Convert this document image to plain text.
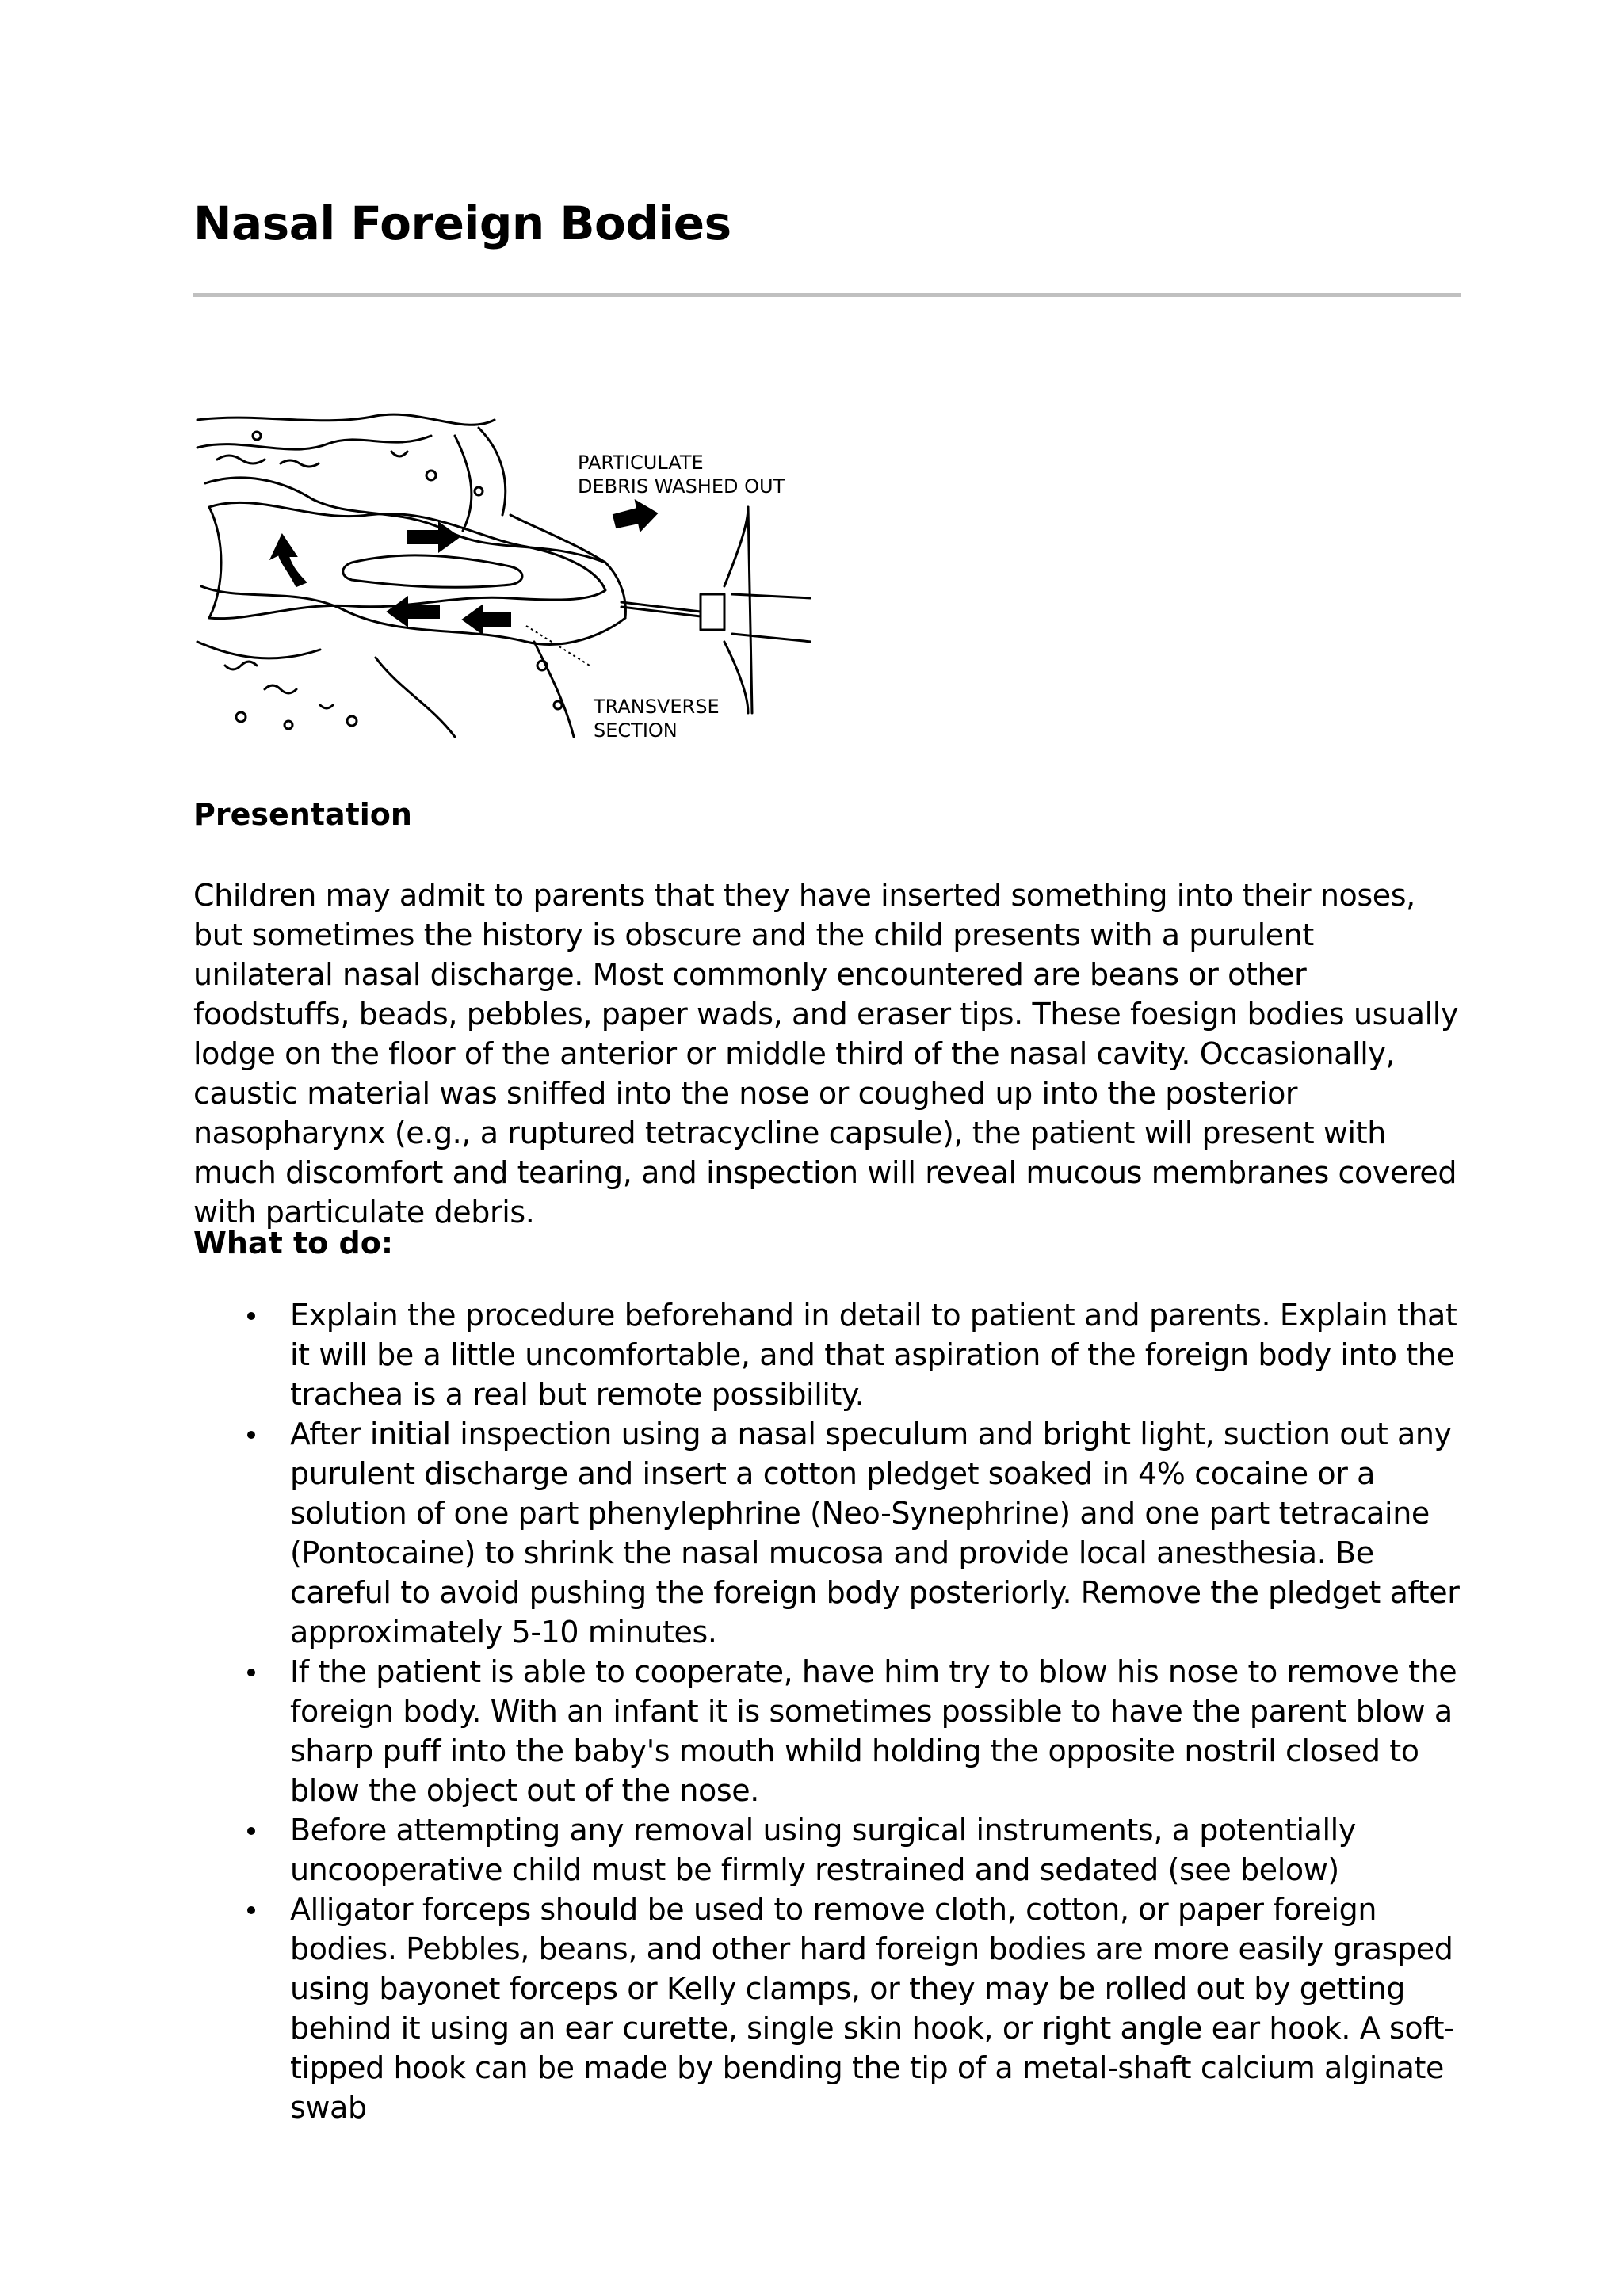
Nasal Foreign Bodies
PARTICULATE
DEBRIS WASHED OUT
TRANSVERSE
SECTION
Presentation

Children may admit to parents that they have inserted something into their noses, but sometimes the history is obscure and the child presents with a purulent unilateral nasal discharge. Most commonly encountered are beans or other foodstuffs, beads, pebbles, paper wads, and eraser tips. These foesign bodies usually lodge on the floor of the anterior or middle third of the nasal cavity. Occasionally, caustic material was sniffed into the nose or coughed up into the posterior nasopharynx (e.g., a ruptured tetracycline capsule), the patient will present with much discomfort and tearing, and inspection will reveal mucous membranes covered with particulate debris.

What to do:
Explain the procedure beforehand in detail to patient and parents. Explain that it will be a little uncomfortable, and that aspiration of the foreign body into the trachea is a real but remote possibility.
After initial inspection using a nasal speculum and bright light, suction out any purulent discharge and insert a cotton pledget soaked in 4% cocaine or a solution of one part phenylephrine (Neo-Synephrine) and one part tetracaine (Pontocaine) to shrink the nasal mucosa and provide local anesthesia. Be careful to avoid pushing the foreign body posteriorly. Remove the pledget after approximately 5-10 minutes.
If the patient is able to cooperate, have him try to blow his nose to remove the foreign body. With an infant it is sometimes possible to have the parent blow a sharp puff into the baby's mouth whild holding the opposite nostril closed to blow the object out of the nose.
Before attempting any removal using surgical instruments, a potentially uncooperative child must be firmly restrained and sedated (see below)
Alligator forceps should be used to remove cloth, cotton, or paper foreign bodies. Pebbles, beans, and other hard foreign bodies are more easily grasped using bayonet forceps or Kelly clamps, or they may be rolled out by getting behind it using an ear curette, single skin hook, or right angle ear hook. A soft-tipped hook can be made by bending the tip of a metal-shaft calcium alginate swab
